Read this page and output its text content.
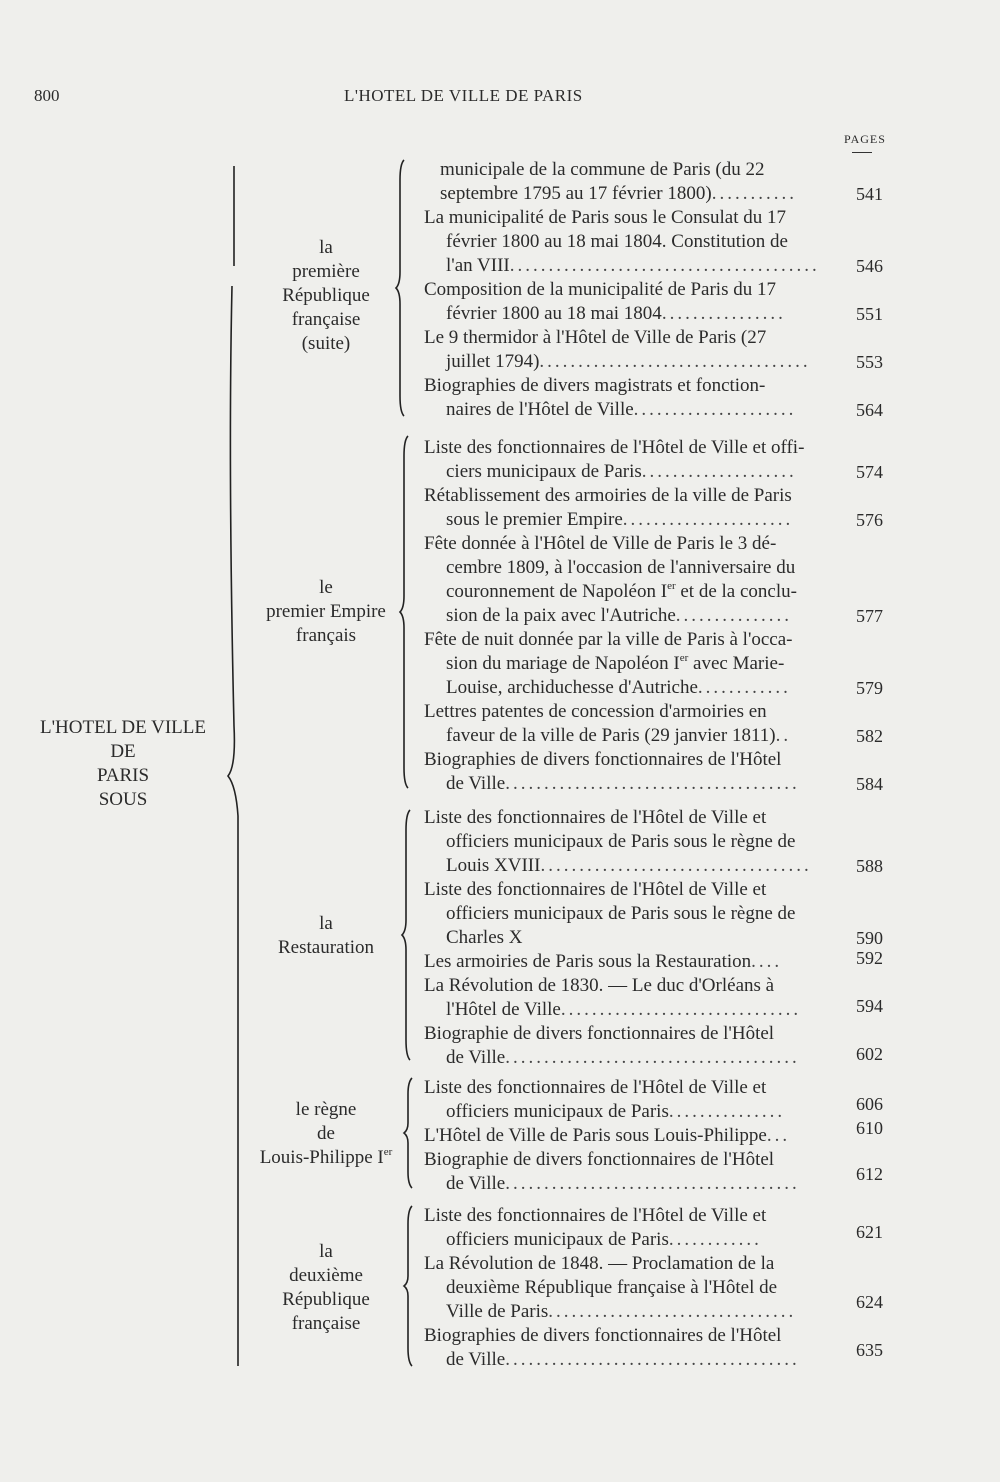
800	L'HOTEL DE VILLE DE PARIS
PAGES
L'HOTEL DE VILLE
DE
PARIS
SOUS
la
première
République
française
(suite)
le
premier Empire
français
la
Restauration
le règne
de
Louis-Philippe Ier
la
deuxième
République
française
municipale de la commune de Paris (du 22
septembre 1795 au 17 février 1800)...........	541
La municipalité de Paris sous le Consulat du 17
février 1800 au 18 mai 1804. Constitution de
l'an VIII........................................	546
Composition de la municipalité de Paris du 17
février 1800 au 18 mai 1804................	551
Le 9 thermidor à l'Hôtel de Ville de Paris (27
juillet 1794)...................................	553
Biographies de divers magistrats et fonction-
naires de l'Hôtel de Ville.....................	564
Liste des fonctionnaires de l'Hôtel de Ville et offi-
ciers municipaux de Paris....................	574
Rétablissement des armoiries de la ville de Paris
sous le premier Empire......................	576
Fête donnée à l'Hôtel de Ville de Paris le 3 dé-
cembre 1809, à l'occasion de l'anniversaire du
couronnement de Napoléon Ier et de la conclu-
sion de la paix avec l'Autriche...............	577
Fête de nuit donnée par la ville de Paris à l'occa-
sion du mariage de Napoléon Ier avec Marie-
Louise, archiduchesse d'Autriche............	579
Lettres patentes de concession d'armoiries en
faveur de la ville de Paris (29 janvier 1811)..	582
Biographies de divers fonctionnaires de l'Hôtel
de Ville......................................	584
Liste des fonctionnaires de l'Hôtel de Ville et
officiers municipaux de Paris sous le règne de
Louis XVIII...................................	588
Liste des fonctionnaires de l'Hôtel de Ville et
officiers municipaux de Paris sous le règne de
Charles X	590
Les armoiries de Paris sous la Restauration....	592
La Révolution de 1830. — Le duc d'Orléans à
l'Hôtel de Ville...............................	594
Biographie de divers fonctionnaires de l'Hôtel
de Ville......................................	602
Liste des fonctionnaires de l'Hôtel de Ville et
officiers municipaux de Paris...............	606
L'Hôtel de Ville de Paris sous Louis-Philippe...	610
Biographie de divers fonctionnaires de l'Hôtel
de Ville......................................	612
Liste des fonctionnaires de l'Hôtel de Ville et
officiers municipaux de Paris............	621
La Révolution de 1848. — Proclamation de la
deuxième République française à l'Hôtel de
Ville de Paris................................	624
Biographies de divers fonctionnaires de l'Hôtel
de Ville......................................	635
